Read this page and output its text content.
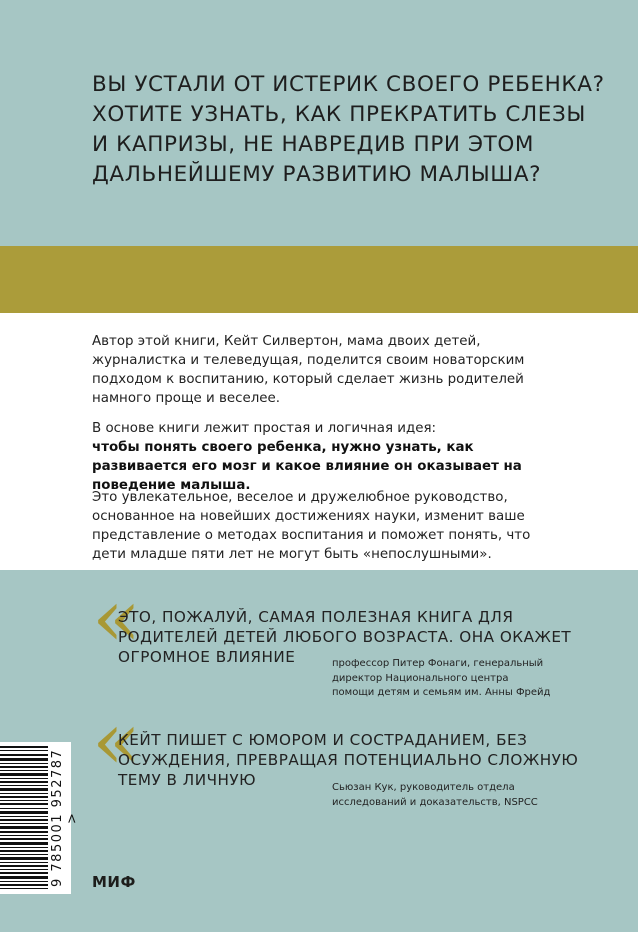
ВЫ УСТАЛИ ОТ ИСТЕРИК СВОЕГО РЕБЕНКА?
ХОТИТЕ УЗНАТЬ, КАК ПРЕКРАТИТЬ СЛЕЗЫ
И КАПРИЗЫ, НЕ НАВРЕДИВ ПРИ ЭТОМ
ДАЛЬНЕЙШЕМУ РАЗВИТИЮ МАЛЫША?

Автор этой книги, Кейт Силвертон, мама двоих детей, журналистка и телеведущая, поделится своим новаторским подходом к воспитанию, который сделает жизнь родителей намного проще и веселее.

В основе книги лежит простая и логичная идея:
чтобы понять своего ребенка, нужно узнать, как развивается его мозг и какое влияние он оказывает на поведение малыша.

Это увлекательное, веселое и дружелюбное руководство, основанное на новейших достижениях науки, изменит ваше представление о методах воспитания и поможет понять, что дети младше пяти лет не могут быть «непослушными».

«

ЭТО, ПОЖАЛУЙ, САМАЯ ПОЛЕЗНАЯ КНИГА ДЛЯ РОДИТЕЛЕЙ ДЕТЕЙ ЛЮБОГО ВОЗРАСТА. ОНА ОКАЖЕТ ОГРОМНОЕ ВЛИЯНИЕ	профессор Питер Фонаги, генеральный директор Национального центра помощи детям и семьям им. Анны Фрейд

«

КЕЙТ ПИШЕТ С ЮМОРОМ И СОСТРАДАНИЕМ, БЕЗ ОСУЖДЕНИЯ, ПРЕВРАЩАЯ ПОТЕНЦИАЛЬНО СЛОЖНУЮ ТЕМУ В ЛИЧНУЮ	Сьюзан Кук, руководитель отдела исследований и доказательств, NSPCC

9 785001 952787 >
МИФ
